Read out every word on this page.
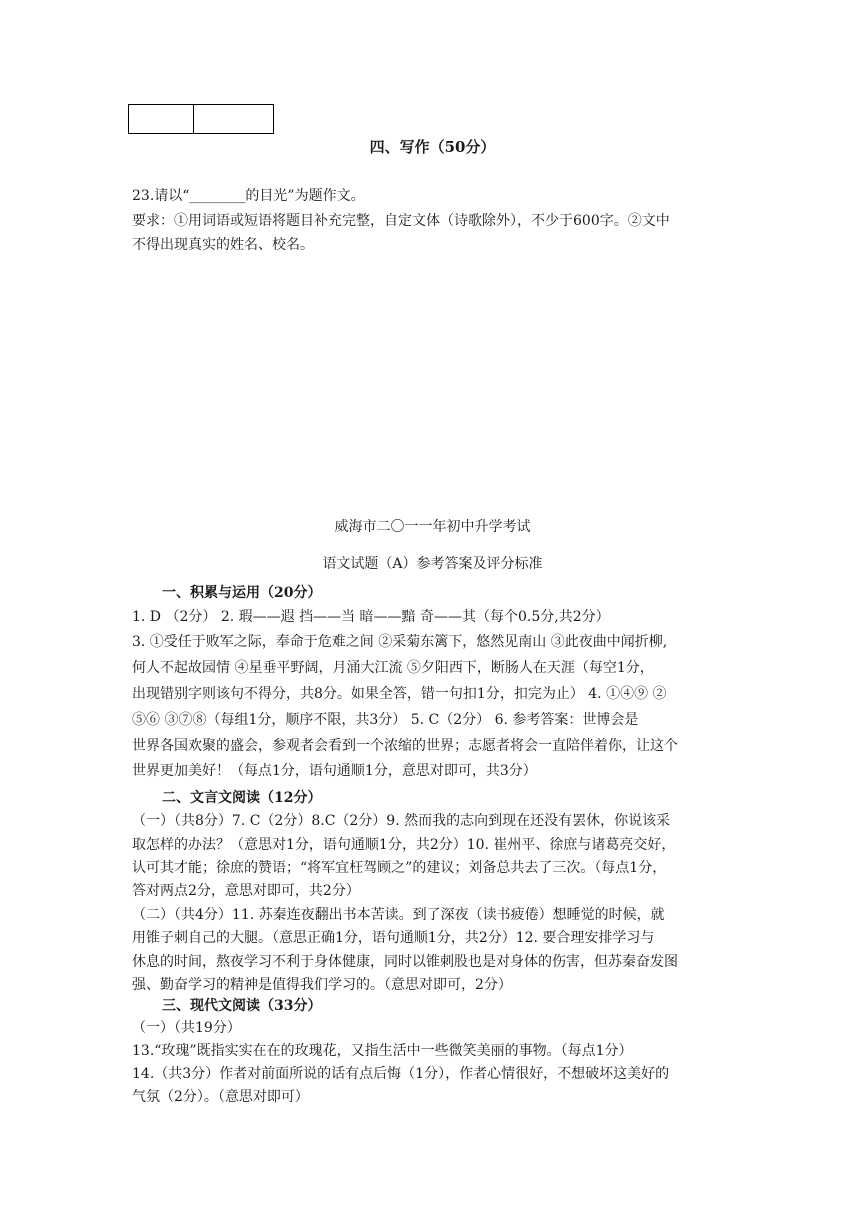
四、写作（50分）
23.请以“________的目光”为题作文。
要求：①用词语或短语将题目补充完整，自定文体（诗歌除外），不少于600字。②文中
不得出现真实的姓名、校名。
威海市二〇一一年初中升学考试
语文试题（A）参考答案及评分标准
一、积累与运用（20分）
1. D （2分） 2. 瑕——遐 挡——当 暗——黯 奇——其（每个0.5分,共2分）
3. ①受任于败军之际，奉命于危难之间 ②采菊东篱下，悠然见南山 ③此夜曲中闻折柳,
何人不起故园情 ④星垂平野阔，月涌大江流 ⑤夕阳西下，断肠人在天涯（每空1分，
出现错别字则该句不得分，共8分。如果全答，错一句扣1分，扣完为止） 4. ①④⑨ ②
⑤⑥ ③⑦⑧（每组1分，顺序不限，共3分） 5. C（2分） 6. 参考答案：世博会是
世界各国欢聚的盛会，参观者会看到一个浓缩的世界；志愿者将会一直陪伴着你，让这个
世界更加美好！（每点1分，语句通顺1分，意思对即可，共3分）
二、文言文阅读（12分）
（一）（共8分）7. C（2分）8.C（2分）9. 然而我的志向到现在还没有罢休，你说该采
取怎样的办法？（意思对1分，语句通顺1分，共2分）10. 崔州平、徐庶与诸葛亮交好，
认可其才能；徐庶的赞语；“将军宜枉驾顾之”的建议；刘备总共去了三次。（每点1分，
答对两点2分，意思对即可，共2分）
（二）（共4分）11. 苏秦连夜翻出书本苦读。到了深夜（读书疲倦）想睡觉的时候，就
用锥子刺自己的大腿。（意思正确1分，语句通顺1分，共2分）12. 要合理安排学习与
休息的时间，熬夜学习不利于身体健康，同时以锥刺股也是对身体的伤害，但苏秦奋发图
强、勤奋学习的精神是值得我们学习的。（意思对即可，2分）
三、现代文阅读（33分）
（一）（共19分）
13.“玫瑰”既指实实在在的玫瑰花，又指生活中一些微笑美丽的事物。（每点1分）
14.（共3分）作者对前面所说的话有点后悔（1分），作者心情很好，不想破坏这美好的
气氛（2分）。（意思对即可）
